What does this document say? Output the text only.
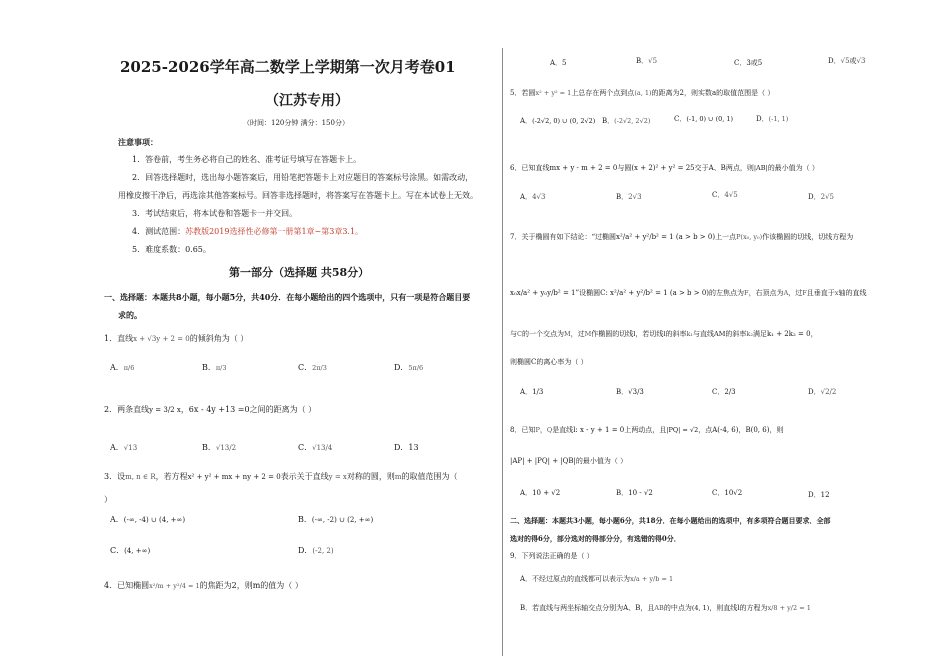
2025-2026学年高二数学上学期第一次月考卷01
（江苏专用）
（时间：120分钟 满分：150分）
注意事项：
1．答卷前，考生务必将自己的姓名、准考证号填写在答题卡上。
2．回答选择题时，选出每小题答案后，用铅笔把答题卡上对应题目的答案标号涂黑。如需改动，
用橡皮擦干净后，再选涂其他答案标号。回答非选择题时，将答案写在答题卡上。写在本试卷上无效。
3．考试结束后，将本试卷和答题卡一并交回。
4．测试范围：苏教版2019选择性必修第一册第1章~第3章3.1。
5．难度系数：0.65。
第一部分（选择题 共58分）
一、选择题：本题共8小题，每小题5分，共40分．在每小题给出的四个选项中，只有一项是符合题目要
求的。
1．直线x + √3y + 2 = 0的倾斜角为（ ）
A．π/6	B．π/3	C．2π/3	D．5π/6
2．两条直线y = 3/2 x，6x - 4y +13 =0之间的距离为（ ）
A．√13	B．√13/2	C．√13/4	D．13
3．设m, n ∈ R，若方程x² + y² + mx + ny + 2 = 0表示关于直线y = x对称的圆，则m的取值范围为（
）
A．(-∞, -4) ∪ (4, +∞)	B．(-∞, -2) ∪ (2, +∞)
C．(4, +∞)	D．(-2, 2)
4．已知椭圆x²/m + y²/4 = 1的焦距为2，则m的值为（ ）
A．5	B．√5	C．3或5	D．√5或√3
5．若圆x² + y² = 1上总存在两个点到点(a, 1)的距离为2，则实数a的取值范围是（ ）
A．(-2√2, 0) ∪ (0, 2√2) B．(-2√2, 2√2)	C．(-1, 0) ∪ (0, 1)	D．(-1, 1)
6．已知直线mx + y - m + 2 = 0与圆(x + 2)² + y² = 25交于A、B两点，则|AB|的最小值为（ ）
A．4√3	B．2√3	C．4√5	D．2√5
7．关于椭圆有如下结论：“过椭圆x²/a² + y²/b² = 1 (a > b > 0)上一点P(x₀, y₀)作该椭圆的切线，切线方程为
x₀x/a² + y₀y/b² = 1”设椭圆C: x²/a² + y²/b² = 1 (a > b > 0)的左焦点为F，右顶点为A，过F且垂直于x轴的直线
与C的一个交点为M，过M作椭圆的切线l，若切线l的斜率k₁与直线AM的斜率k₂满足k₁ + 2k₂ = 0，
则椭圆C的离心率为（ ）
A．1/3	B．√3/3	C．2/3	D．√2/2
8．已知P，Q是直线l: x - y + 1 = 0上两动点，且|PQ| = √2，点A(-4, 6)，B(0, 6)，则
|AP| + |PQ| + |QB|的最小值为（ ）
A．10 + √2	B．10 - √2	C．10√2	D．12
二、选择题：本题共3小题，每小题6分，共18分．在每小题给出的选项中，有多项符合题目要求．全部
选对的得6分，部分选对的得部分分，有选错的得0分．
9．下列说法正确的是（ ）
A．不经过原点的直线都可以表示为x/a + y/b = 1
B．若直线与两坐标轴交点分别为A、B，且AB的中点为(4, 1)，则直线l的方程为x/8 + y/2 = 1
